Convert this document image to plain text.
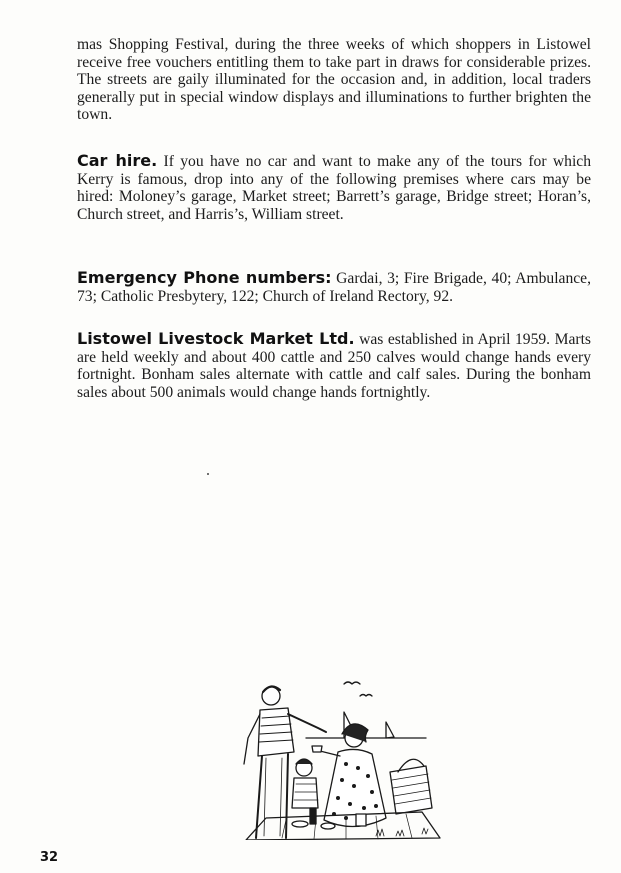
mas Shopping Festival, during the three weeks of which shoppers in Listowel receive free vouchers entitling them to take part in draws for considerable prizes. The streets are gaily illuminated for the occasion and, in addition, local traders generally put in special window displays and illuminations to further brighten the town.

Car hire. If you have no car and want to make any of the tours for which Kerry is famous, drop into any of the following premises where cars may be hired: Moloney’s garage, Market street; Barrett’s garage, Bridge street; Horan’s, Church street, and Harris’s, William street.

Emergency Phone numbers: Gardai, 3; Fire Brigade, 40; Ambulance, 73; Catholic Presbytery, 122; Church of Ireland Rectory, 92.

Listowel Livestock Market Ltd. was established in April 1959. Marts are held weekly and about 400 cattle and 250 calves would change hands every fortnight. Bonham sales alternate with cattle and calf sales. During the bonham sales about 500 animals would change hands fortnightly.

32
